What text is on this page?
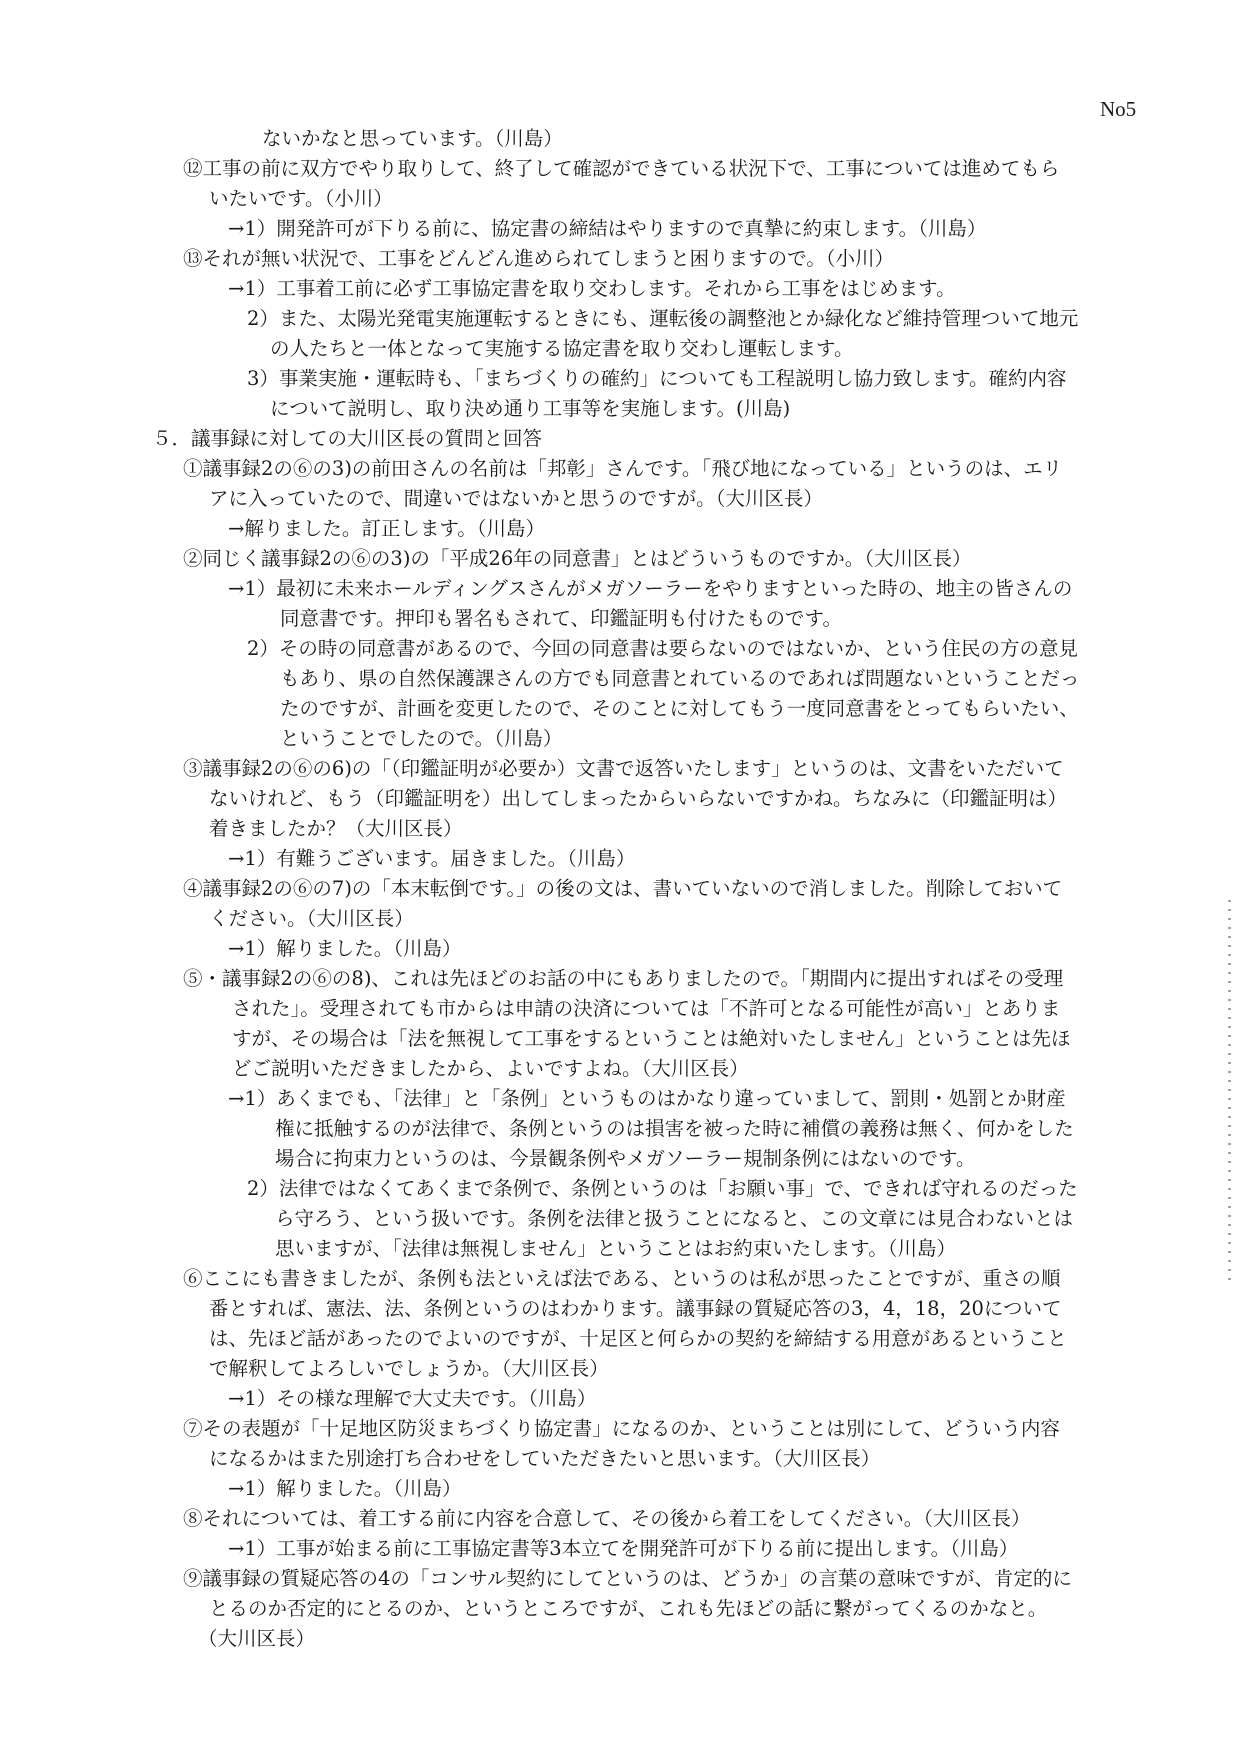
No5
ないかなと思っています。（川島）
⑫工事の前に双方でやり取りして、終了して確認ができている状況下で、工事については進めてもら
いたいです。（小川）
→1）開発許可が下りる前に、協定書の締結はやりますので真摯に約束します。（川島）
⑬それが無い状況で、工事をどんどん進められてしまうと困りますので。（小川）
→1）工事着工前に必ず工事協定書を取り交わします。それから工事をはじめます。
2）また、太陽光発電実施運転するときにも、運転後の調整池とか緑化など維持管理ついて地元
の人たちと一体となって実施する協定書を取り交わし運転します。
3）事業実施・運転時も、「まちづくりの確約」についても工程説明し協力致します。確約内容
について説明し、取り決め通り工事等を実施します。(川島)
５．議事録に対しての大川区長の質問と回答
①議事録2の⑥の3)の前田さんの名前は「邦彰」さんです。「飛び地になっている」というのは、エリ
アに入っていたので、間違いではないかと思うのですが。（大川区長）
→解りました。訂正します。（川島）
②同じく議事録2の⑥の3)の「平成26年の同意書」とはどういうものですか。（大川区長）
→1）最初に未来ホールディングスさんがメガソーラーをやりますといった時の、地主の皆さんの
同意書です。押印も署名もされて、印鑑証明も付けたものです。
2）その時の同意書があるので、今回の同意書は要らないのではないか、という住民の方の意見
もあり、県の自然保護課さんの方でも同意書とれているのであれば問題ないということだっ
たのですが、計画を変更したので、そのことに対してもう一度同意書をとってもらいたい、
ということでしたので。（川島）
③議事録2の⑥の6)の「（印鑑証明が必要か）文書で返答いたします」というのは、文書をいただいて
ないけれど、もう（印鑑証明を）出してしまったからいらないですかね。ちなみに（印鑑証明は）
着きましたか？（大川区長）
→1）有難うございます。届きました。（川島）
④議事録2の⑥の7)の「本末転倒です。」の後の文は、書いていないので消しました。削除しておいて
ください。（大川区長）
→1）解りました。（川島）
⑤・議事録2の⑥の8)、これは先ほどのお話の中にもありましたので。「期間内に提出すればその受理
された」。受理されても市からは申請の決済については「不許可となる可能性が高い」とありま
すが、その場合は「法を無視して工事をするということは絶対いたしません」ということは先ほ
どご説明いただきましたから、よいですよね。（大川区長）
→1）あくまでも、「法律」と「条例」というものはかなり違っていまして、罰則・処罰とか財産
権に抵触するのが法律で、条例というのは損害を被った時に補償の義務は無く、何かをした
場合に拘束力というのは、今景観条例やメガソーラー規制条例にはないのです。
2）法律ではなくてあくまで条例で、条例というのは「お願い事」で、できれば守れるのだった
ら守ろう、という扱いです。条例を法律と扱うことになると、この文章には見合わないとは
思いますが、「法律は無視しません」ということはお約束いたします。（川島）
⑥ここにも書きましたが、条例も法といえば法である、というのは私が思ったことですが、重さの順
番とすれば、憲法、法、条例というのはわかります。議事録の質疑応答の3，4，18，20について
は、先ほど話があったのでよいのですが、十足区と何らかの契約を締結する用意があるということ
で解釈してよろしいでしょうか。（大川区長）
→1）その様な理解で大丈夫です。（川島）
⑦その表題が「十足地区防災まちづくり協定書」になるのか、ということは別にして、どういう内容
になるかはまた別途打ち合わせをしていただきたいと思います。（大川区長）
→1）解りました。（川島）
⑧それについては、着工する前に内容を合意して、その後から着工をしてください。（大川区長）
→1）工事が始まる前に工事協定書等3本立てを開発許可が下りる前に提出します。（川島）
⑨議事録の質疑応答の4の「コンサル契約にしてというのは、どうか」の言葉の意味ですが、肯定的に
とるのか否定的にとるのか、というところですが、これも先ほどの話に繋がってくるのかなと。
（大川区長）
